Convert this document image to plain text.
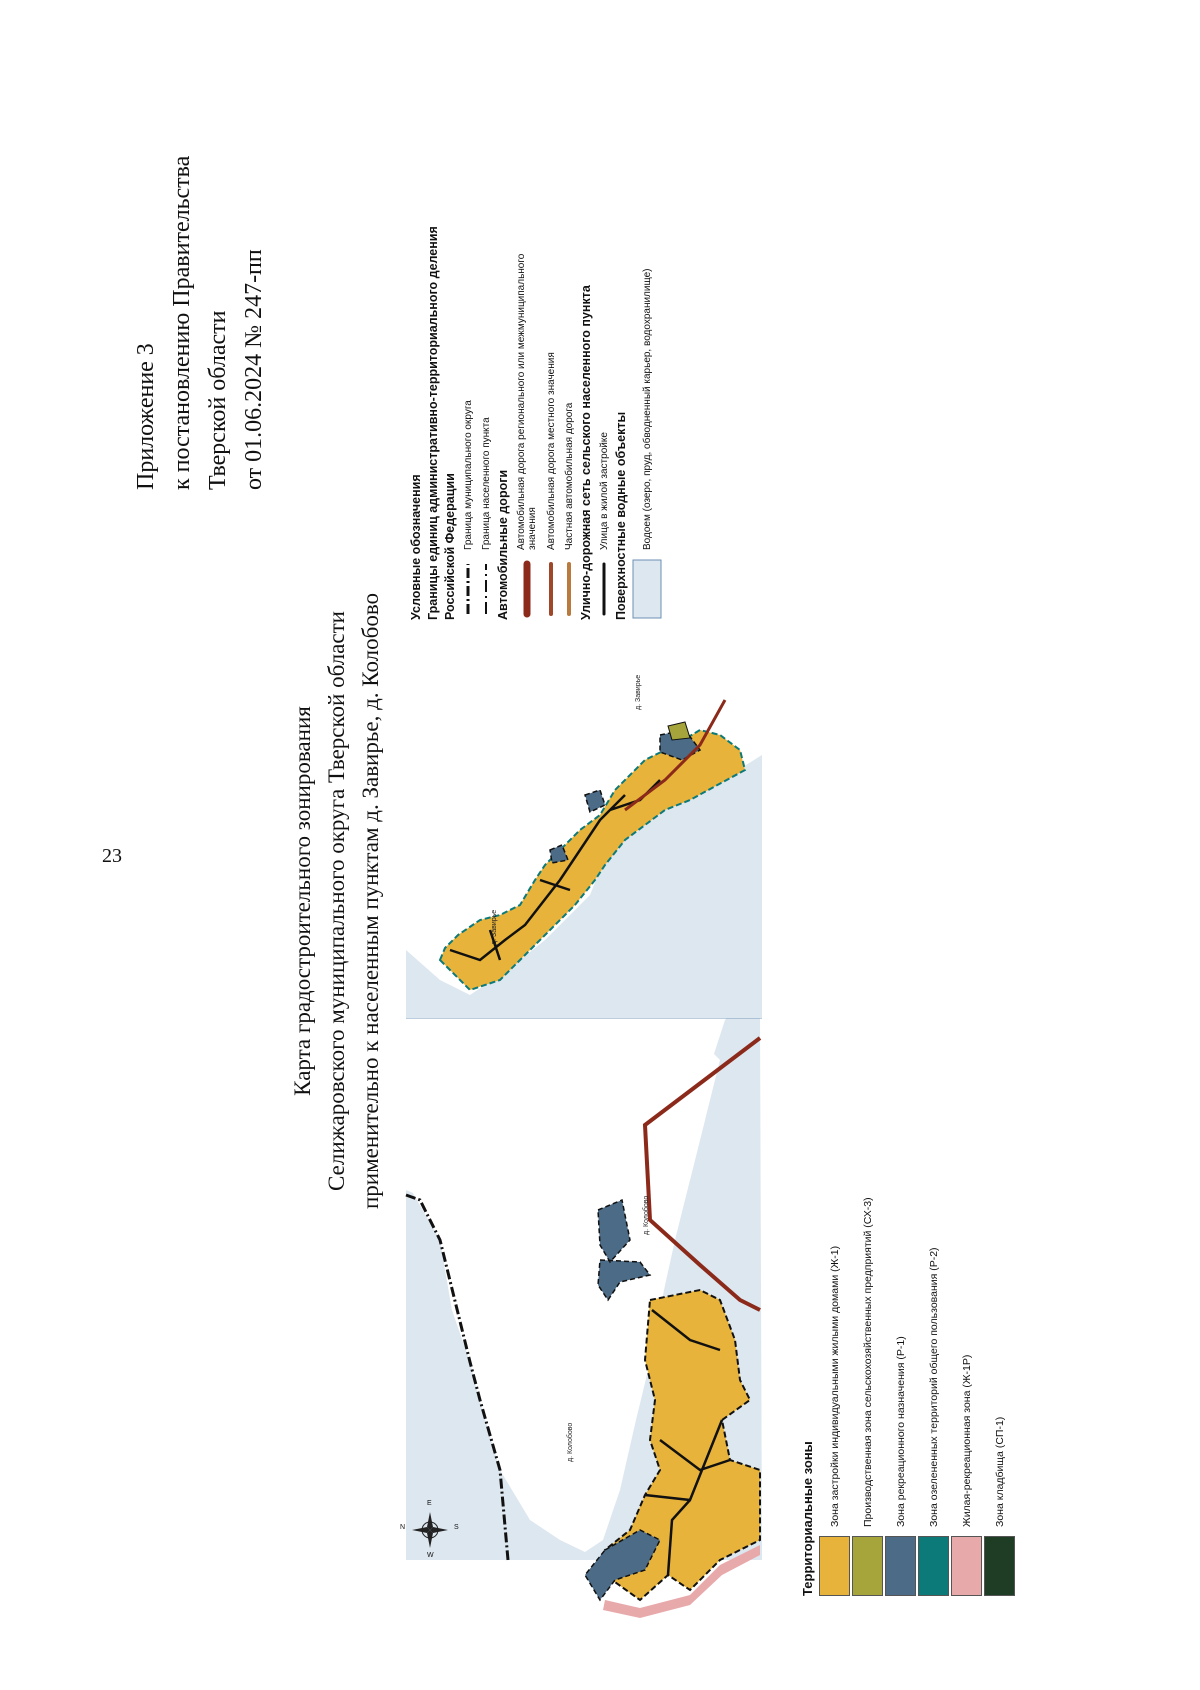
23
Приложение 3 к постановлению Правительства Тверской области от 01.06.2024 № 247-пп
Карта градостроительного зонирования Селижаровского муниципального округа Тверской области применительно к населенным пунктам д. Завирье, д. Колобово	д. Завирье
д. Колобово
д. Колобово
д. Завирье
N	S
E
W
Условные обозначения Границы единиц административно-территориального деления Российской Федерации Граница муниципального округа Граница населенного пункта Автомобильные дороги Автомобильная дорога регионального или межмуниципального
значения Автомобильная дорога местного значения Частная автомобильная дорога Улично-дорожная сеть сельского населенного пункта Улица в жилой застройке Поверхностные водные объекты Водоем (озеро, пруд, обводненный карьер, водохранилище)
Территориальные зоны Зона застройки индивидуальными жилыми домами (Ж-1) Производственная зона сельскохозяйственных предприятий (СХ-3) Зона рекреационного назначения (Р-1) Зона озелененных территорий общего пользования (Р-2) Жилая-рекреационная зона (Ж-1Р) Зона кладбища (СП-1)
